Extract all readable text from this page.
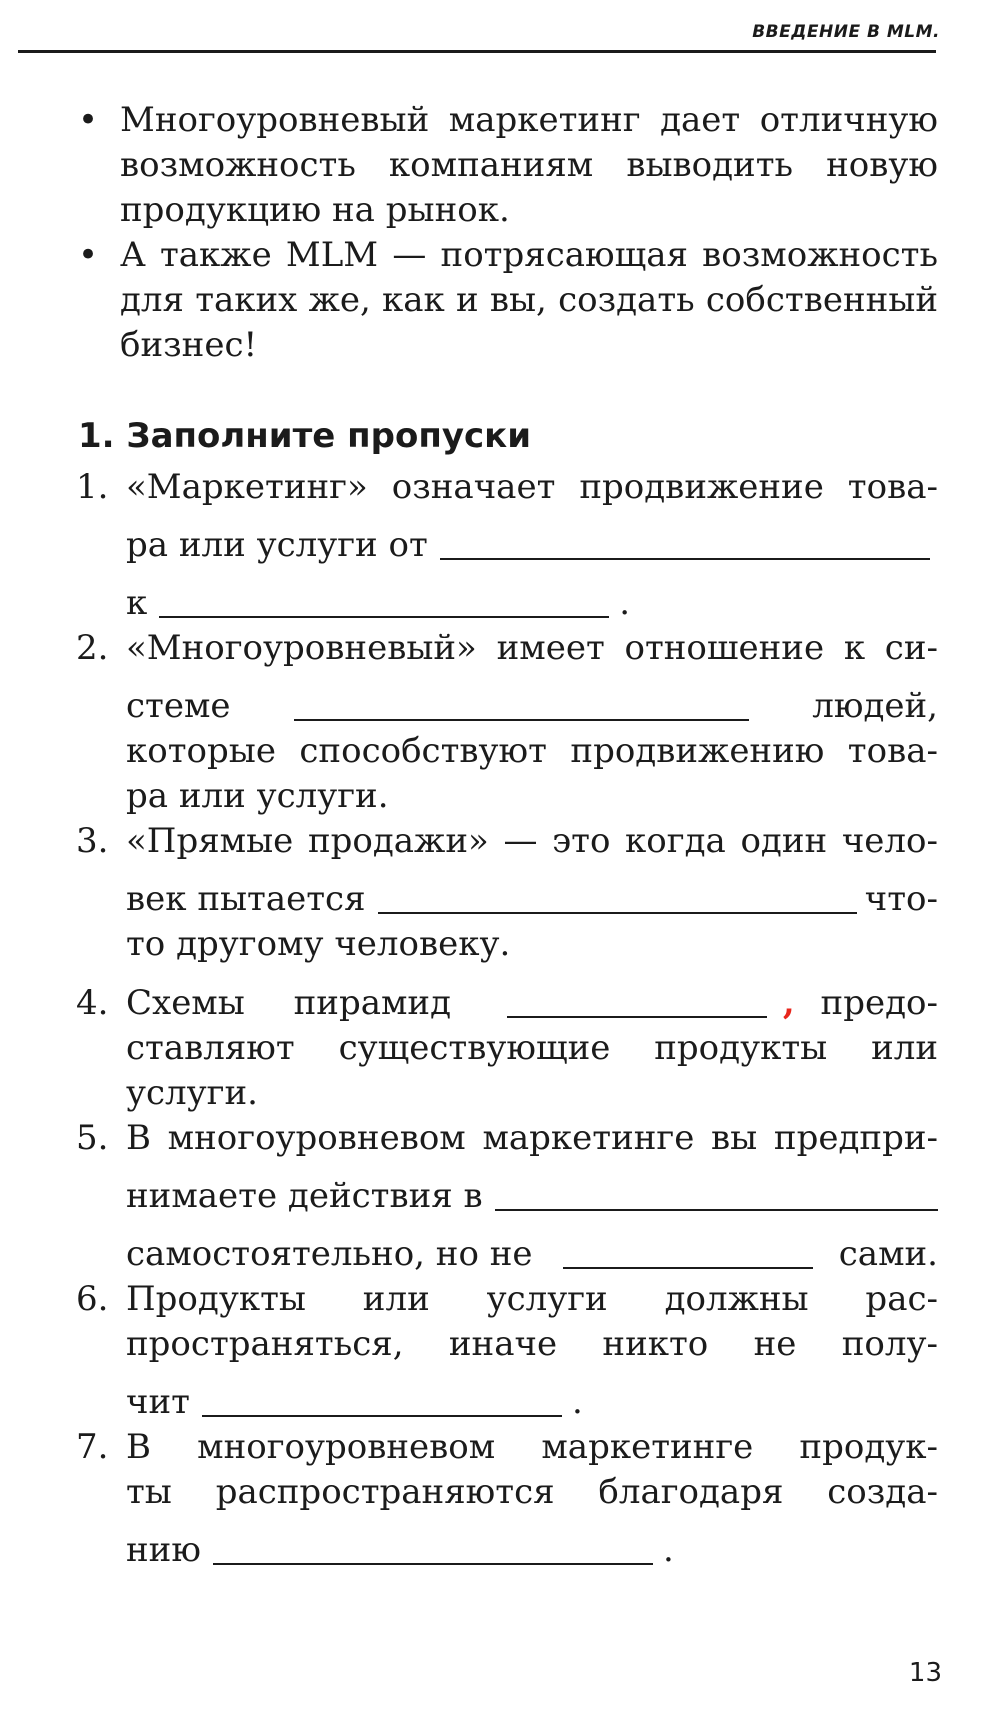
ВВЕДЕНИЕ В MLM.
• Многоуровневый маркетинг дает отличную возможность компаниям выводить новую продукцию на рынок.
• А также MLM — потрясающая возможность для таких же, как и вы, создать собственный бизнес!
1. Заполните пропуски
1. «Маркетинг» означает продвижение това-
ра или услуги от
к	.
2. «Многоуровневый» имеет отношение к си-
стеме	людей,
которые способствуют продвижению това-
ра или услуги.
3. «Прямые продажи» — это когда один чело-
век пытается	что-
то другому человеку.
4. Схемы пирамид	, предо-
ставляют существующие продукты или
услуги.
5. В многоуровневом маркетинге вы предпри-
нимаете действия в
самостоятельно, но не	сами.
6. Продукты или услуги должны рас-
пространяться, иначе никто не полу-
чит	.
7. В многоуровневом маркетинге продук-
ты распространяются благодаря созда-
нию	.
13
